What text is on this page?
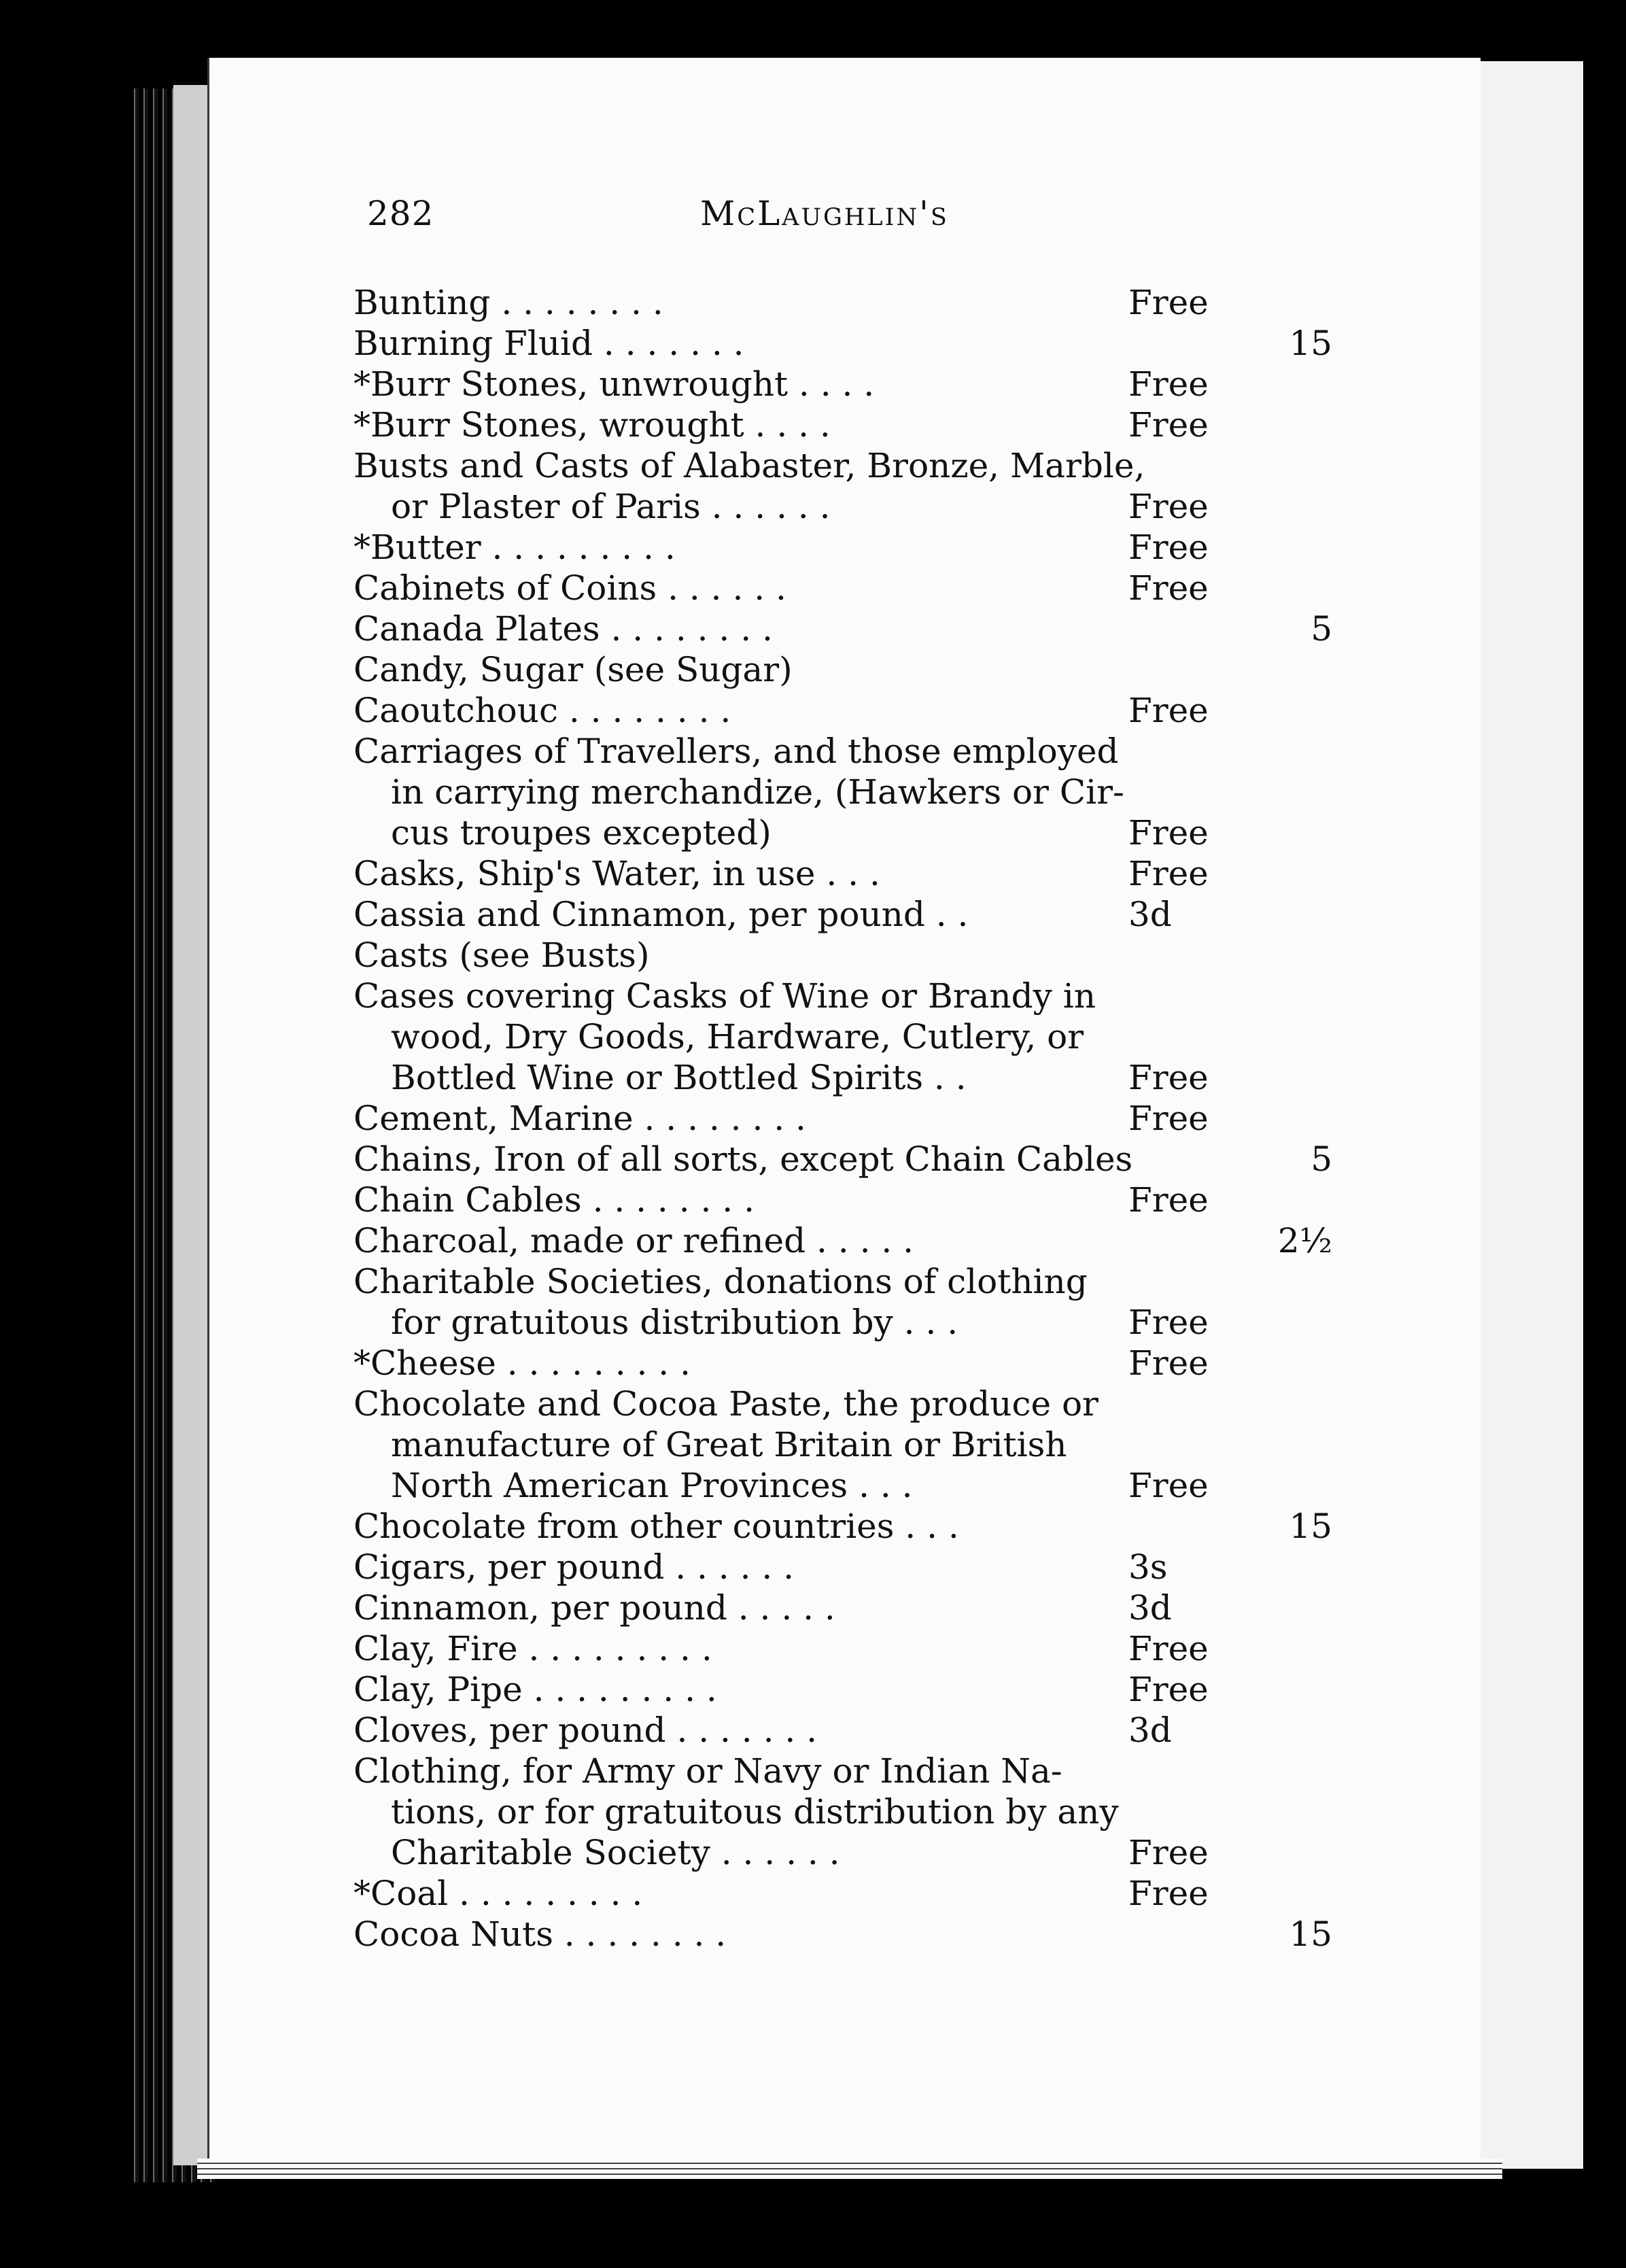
282	McLaughlin's
Bunting . . . . . . . .	Free
Burning Fluid . . . . . . .	15
*Burr Stones, unwrought . . . .	Free
*Burr Stones, wrought . . . .	Free
Busts and Casts of Alabaster, Bronze, Marble,
or Plaster of Paris . . . . . .	Free
*Butter . . . . . . . . .	Free
Cabinets of Coins . . . . . .	Free
Canada Plates . . . . . . . .	5
Candy, Sugar (see Sugar)
Caoutchouc . . . . . . . .	Free
Carriages of Travellers, and those employed
in carrying merchandize, (Hawkers or Cir-
cus troupes excepted)	Free
Casks, Ship's Water, in use . . .	Free
Cassia and Cinnamon, per pound . .	3d
Casts (see Busts)
Cases covering Casks of Wine or Brandy in
wood, Dry Goods, Hardware, Cutlery, or
Bottled Wine or Bottled Spirits . .	Free
Cement, Marine . . . . . . . .	Free
Chains, Iron of all sorts, except Chain Cables	5
Chain Cables . . . . . . . .	Free
Charcoal, made or refined . . . . .	2½
Charitable Societies, donations of clothing
for gratuitous distribution by . . .	Free
*Cheese . . . . . . . . .	Free
Chocolate and Cocoa Paste, the produce or
manufacture of Great Britain or British
North American Provinces . . .	Free
Chocolate from other countries . . .	15
Cigars, per pound . . . . . .	3s
Cinnamon, per pound . . . . .	3d
Clay, Fire . . . . . . . . .	Free
Clay, Pipe . . . . . . . . .	Free
Cloves, per pound . . . . . . .	3d
Clothing, for Army or Navy or Indian Na-
tions, or for gratuitous distribution by any
Charitable Society . . . . . .	Free
*Coal . . . . . . . . .	Free
Cocoa Nuts . . . . . . . .	15
